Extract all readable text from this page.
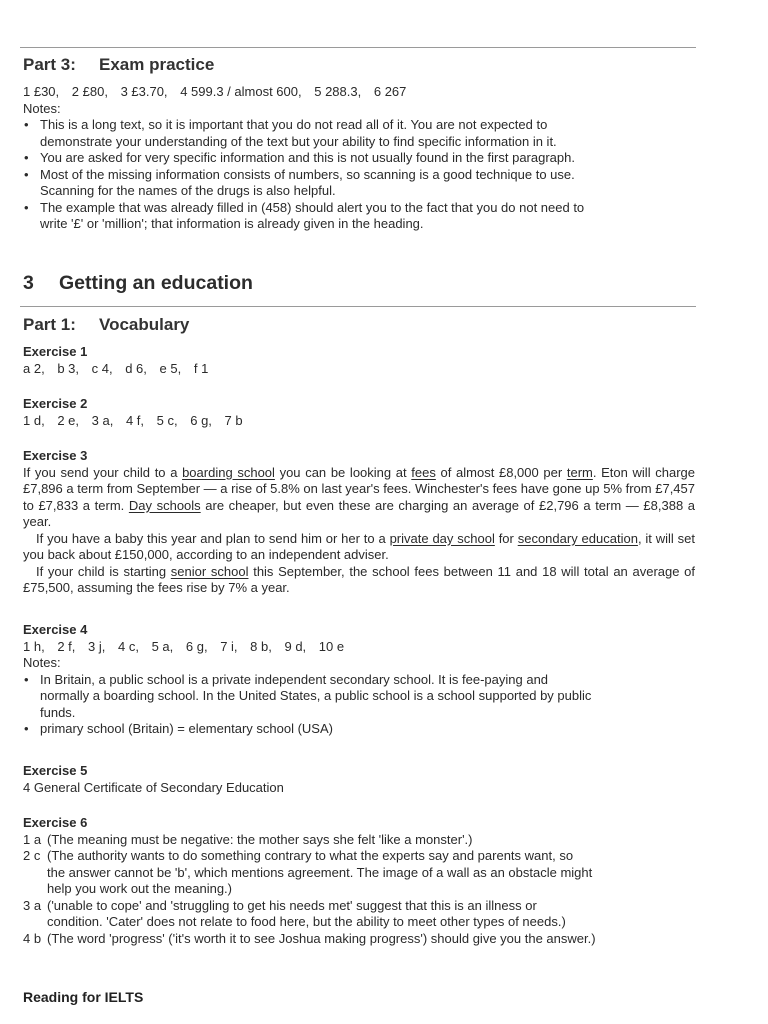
Part 3: Exam practice
1 £30, 2 £80, 3 £3.70, 4 599.3 / almost 600, 5 288.3, 6 267
Notes:
• This is a long text, so it is important that you do not read all of it. You are not expected to
demonstrate your understanding of the text but your ability to find specific information in it.
• You are asked for very specific information and this is not usually found in the first paragraph.
• Most of the missing information consists of numbers, so scanning is a good technique to use.
Scanning for the names of the drugs is also helpful.
• The example that was already filled in (458) should alert you to the fact that you do not need to
write '£' or 'million'; that information is already given in the heading.
3 Getting an education
Part 1: Vocabulary
Exercise 1
a 2, b 3, c 4, d 6, e 5, f 1
Exercise 2
1 d, 2 e, 3 a, 4 f, 5 c, 6 g, 7 b
Exercise 3
If you send your child to a boarding school you can be looking at fees of almost £8,000 per term. Eton will charge £7,896 a term from September — a rise of 5.8% on last year's fees. Winchester's fees have gone up 5% from £7,457 to £7,833 a term. Day schools are cheaper, but even these are charging an average of £2,796 a term — £8,388 a year.
If you have a baby this year and plan to send him or her to a private day school for secondary education, it will set you back about £150,000, according to an independent adviser.
If your child is starting senior school this September, the school fees between 11 and 18 will total an average of £75,500, assuming the fees rise by 7% a year.
Exercise 4
1 h, 2 f, 3 j, 4 c, 5 a, 6 g, 7 i, 8 b, 9 d, 10 e
Notes:
• In Britain, a public school is a private independent secondary school. It is fee-paying and
normally a boarding school. In the United States, a public school is a school supported by public
funds.
• primary school (Britain) = elementary school (USA)
Exercise 5
4 General Certificate of Secondary Education
Exercise 6
1 a (The meaning must be negative: the mother says she felt 'like a monster'.)
2 c (The authority wants to do something contrary to what the experts say and parents want, so
the answer cannot be 'b', which mentions agreement. The image of a wall as an obstacle might
help you work out the meaning.)
3 a ('unable to cope' and 'struggling to get his needs met' suggest that this is an illness or
condition. 'Cater' does not relate to food here, but the ability to meet other types of needs.)
4 b (The word 'progress' ('it's worth it to see Joshua making progress') should give you the answer.)
Reading for IELTS
